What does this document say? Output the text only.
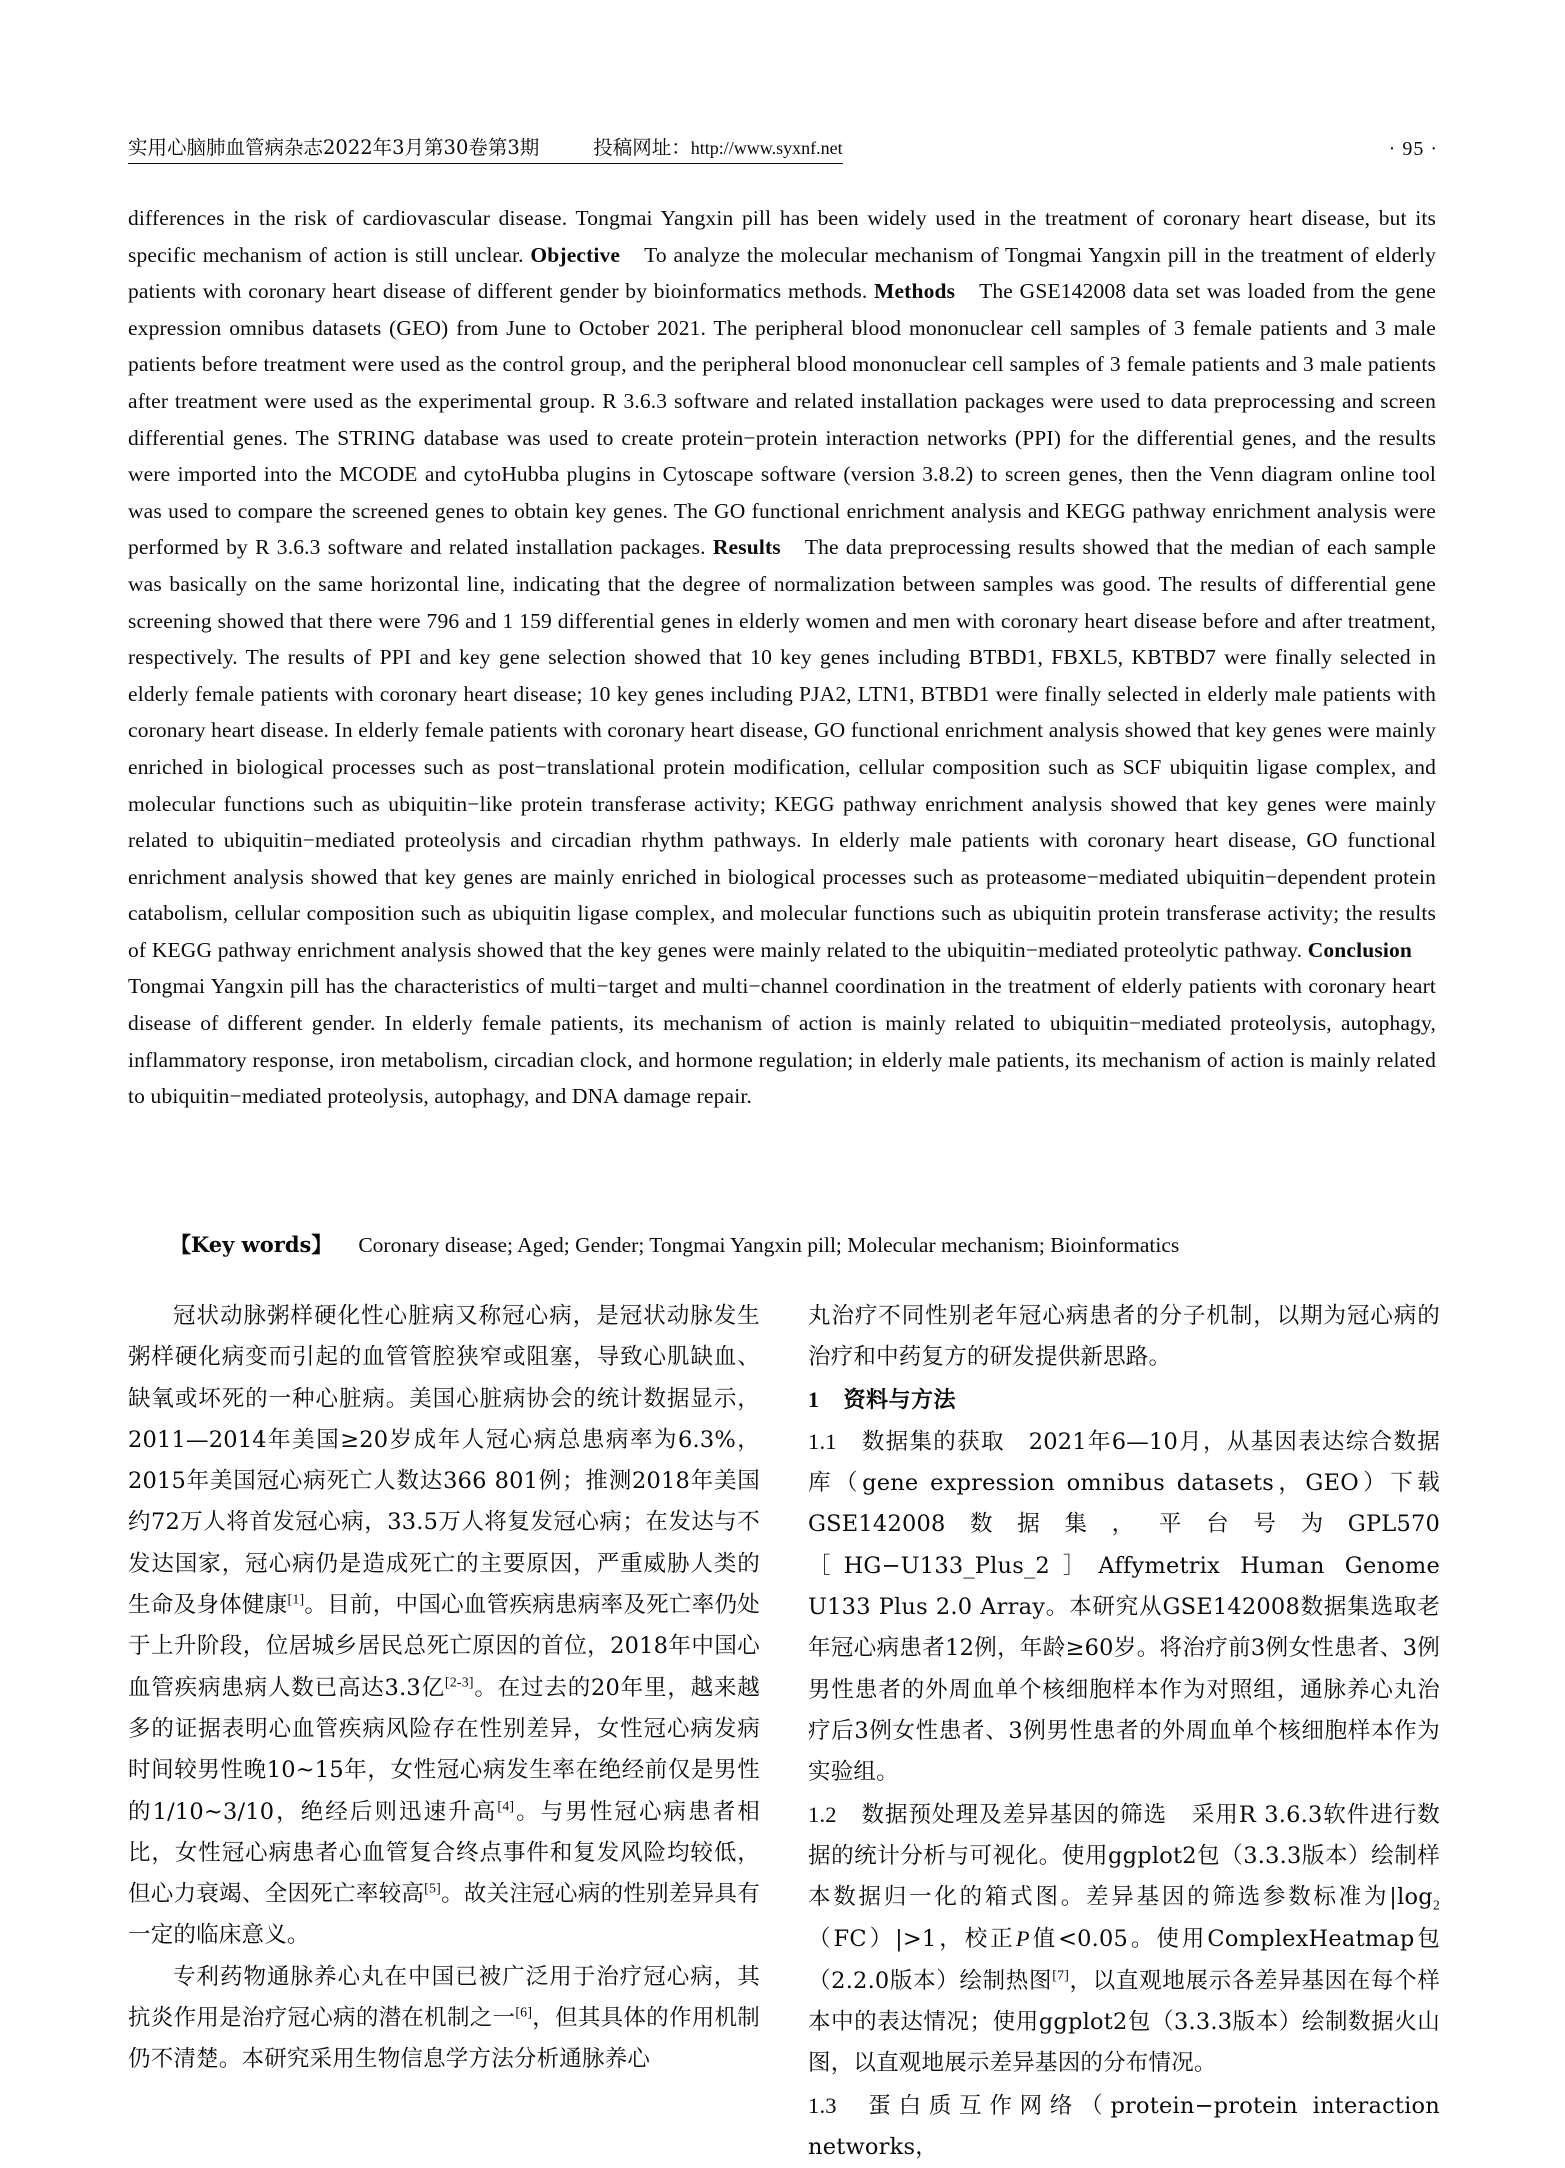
实用心脑肺血管病杂志2022年3月第30卷第3期	投稿网址：http://www.syxnf.net	· 95 ·
differences in the risk of cardiovascular disease. Tongmai Yangxin pill has been widely used in the treatment of coronary heart disease, but its specific mechanism of action is still unclear. Objective To analyze the molecular mechanism of Tongmai Yangxin pill in the treatment of elderly patients with coronary heart disease of different gender by bioinformatics methods. Methods The GSE142008 data set was loaded from the gene expression omnibus datasets (GEO) from June to October 2021. The peripheral blood mononuclear cell samples of 3 female patients and 3 male patients before treatment were used as the control group, and the peripheral blood mononuclear cell samples of 3 female patients and 3 male patients after treatment were used as the experimental group. R 3.6.3 software and related installation packages were used to data preprocessing and screen differential genes. The STRING database was used to create protein−protein interaction networks (PPI) for the differential genes, and the results were imported into the MCODE and cytoHubba plugins in Cytoscape software (version 3.8.2) to screen genes, then the Venn diagram online tool was used to compare the screened genes to obtain key genes. The GO functional enrichment analysis and KEGG pathway enrichment analysis were performed by R 3.6.3 software and related installation packages. Results The data preprocessing results showed that the median of each sample was basically on the same horizontal line, indicating that the degree of normalization between samples was good. The results of differential gene screening showed that there were 796 and 1 159 differential genes in elderly women and men with coronary heart disease before and after treatment, respectively. The results of PPI and key gene selection showed that 10 key genes including BTBD1, FBXL5, KBTBD7 were finally selected in elderly female patients with coronary heart disease; 10 key genes including PJA2, LTN1, BTBD1 were finally selected in elderly male patients with coronary heart disease. In elderly female patients with coronary heart disease, GO functional enrichment analysis showed that key genes were mainly enriched in biological processes such as post−translational protein modification, cellular composition such as SCF ubiquitin ligase complex, and molecular functions such as ubiquitin−like protein transferase activity; KEGG pathway enrichment analysis showed that key genes were mainly related to ubiquitin−mediated proteolysis and circadian rhythm pathways. In elderly male patients with coronary heart disease, GO functional enrichment analysis showed that key genes are mainly enriched in biological processes such as proteasome−mediated ubiquitin−dependent protein catabolism, cellular composition such as ubiquitin ligase complex, and molecular functions such as ubiquitin protein transferase activity; the results of KEGG pathway enrichment analysis showed that the key genes were mainly related to the ubiquitin−mediated proteolytic pathway. ConclusionTongmai Yangxin pill has the characteristics of multi−target and multi−channel coordination in the treatment of elderly patients with coronary heart disease of different gender. In elderly female patients, its mechanism of action is mainly related to ubiquitin−mediated proteolysis, autophagy, inflammatory response, iron metabolism, circadian clock, and hormone regulation; in elderly male patients, its mechanism of action is mainly related to ubiquitin−mediated proteolysis, autophagy, and DNA damage repair.
【Key words】 Coronary disease; Aged; Gender; Tongmai Yangxin pill; Molecular mechanism; Bioinformatics

冠状动脉粥样硬化性心脏病又称冠心病，是冠状动脉发生粥样硬化病变而引起的血管管腔狭窄或阻塞，导致心肌缺血、缺氧或坏死的一种心脏病。美国心脏病协会的统计数据显示，2011—2014年美国≥20岁成年人冠心病总患病率为6.3%，2015年美国冠心病死亡人数达366 801例；推测2018年美国约72万人将首发冠心病，33.5万人将复发冠心病；在发达与不发达国家，冠心病仍是造成死亡的主要原因，严重威胁人类的生命及身体健康[1]。目前，中国心血管疾病患病率及死亡率仍处于上升阶段，位居城乡居民总死亡原因的首位，2018年中国心血管疾病患病人数已高达3.3亿[2-3]。在过去的20年里，越来越多的证据表明心血管疾病风险存在性别差异，女性冠心病发病时间较男性晚10~15年，女性冠心病发生率在绝经前仅是男性的1/10~3/10，绝经后则迅速升高[4]。与男性冠心病患者相比，女性冠心病患者心血管复合终点事件和复发风险均较低，但心力衰竭、全因死亡率较高[5]。故关注冠心病的性别差异具有一定的临床意义。

专利药物通脉养心丸在中国已被广泛用于治疗冠心病，其抗炎作用是治疗冠心病的潜在机制之一[6]，但其具体的作用机制仍不清楚。本研究采用生物信息学方法分析通脉养心

丸治疗不同性别老年冠心病患者的分子机制，以期为冠心病的治疗和中药复方的研发提供新思路。

1 资料与方法

1.1 数据集的获取 2021年6—10月，从基因表达综合数据库（gene expression omnibus datasets，GEO）下载GSE142008数据集，平台号为GPL570［HG−U133_Plus_2］Affymetrix Human Genome U133 Plus 2.0 Array。本研究从GSE142008数据集选取老年冠心病患者12例，年龄≥60岁。将治疗前3例女性患者、3例男性患者的外周血单个核细胞样本作为对照组，通脉养心丸治疗后3例女性患者、3例男性患者的外周血单个核细胞样本作为实验组。

1.2 数据预处理及差异基因的筛选 采用R 3.6.3软件进行数据的统计分析与可视化。使用ggplot2包（3.3.3版本）绘制样本数据归一化的箱式图。差异基因的筛选参数标准为$|\log_2(FC)|>1$，校正P值<0.05。使用ComplexHeatmap包（2.2.0版本）绘制热图[7]，以直观地展示各差异基因在每个样本中的表达情况；使用ggplot2包（3.3.3版本）绘制数据火山图，以直观地展示差异基因的分布情况。

1.3 蛋白质互作网络（protein−protein interaction networks，
